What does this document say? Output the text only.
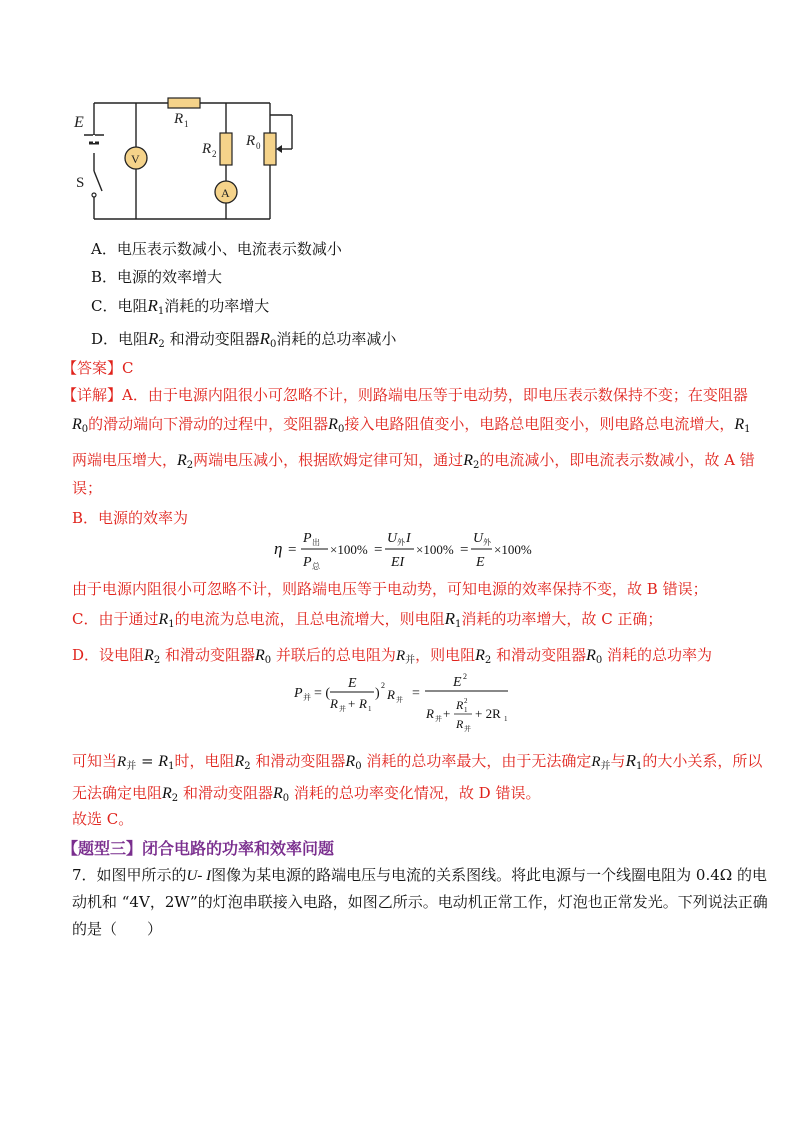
E
S
V
A
R 1
R 2
R 0
A．电压表示数减小、电流表示数减小
B．电源的效率增大
C．电阻$R_1$消耗的功率增大
D．电阻$R_2$ 和滑动变阻器$R_0$消耗的总功率减小
【答案】C
【详解】A．由于电源内阻很小可忽略不计，则路端电压等于电动势，即电压表示数保持不变；在变阻器
$R_0$的滑动端向下滑动的过程中，变阻器$R_0$接入电路阻值变小，电路总电阻变小，则电路总电流增大，$R_1$
两端电压增大，$R_2$两端电压减小，根据欧姆定律可知，通过$R_2$的电流减小，即电流表示数减小，故 A 错
误；
B．电源的效率为
η =
P 出
P 总
×100% =
U 外 I
EI
×100% =
U 外
E
×100%
由于电源内阻很小可忽略不计，则路端电压等于电动势，可知电源的效率保持不变，故 B 错误；
C．由于通过$R_1$的电流为总电流，且总电流增大，则电阻$R_1$消耗的功率增大，故 C 正确；
D．设电阻$R_2$ 和滑动变阻器$R_0$ 并联后的总电阻为$R_并$，则电阻$R_2$ 和滑动变阻器$R_0$ 消耗的总功率为
P 并 = (
E
R 并 + R 1
)
2
R 并 =
E 2
R 并 +
R 2
1
R 并
+ 2R 1
可知当$R_并 = R_1$时，电阻$R_2$ 和滑动变阻器$R_0$ 消耗的总功率最大，由于无法确定$R_并$与$R_1$的大小关系，所以
无法确定电阻$R_2$ 和滑动变阻器$R_0$ 消耗的总功率变化情况，故 D 错误。
故选 C。
【题型三】闭合电路的功率和效率问题
7．如图甲所示的U- I图像为某电源的路端电压与电流的关系图线。将此电源与一个线圈电阻为 0.4Ω 的电
动机和 “4V，2W”的灯泡串联接入电路，如图乙所示。电动机正常工作，灯泡也正常发光。下列说法正确
的是（　　）
